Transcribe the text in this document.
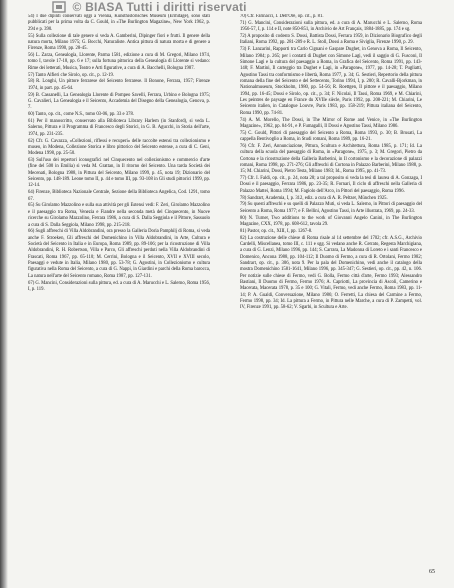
© BIASA Tutti i diritti riservati

54) I due dipinti conservati oggi a Vienna, Kunsthistorisches Museum (Ermitage), sono stati pubblicati per la prima volta da C. Gould, in «The Burlington Magazine», New York 1962, p. 294 e p. 390.

55) Sulla collezione di tale genere si veda A. Gamberini, Dipinger fiori e frutti. Il genere della natura morta, Milano 1975; G. Bocchi, Naturaliste. Antica pittura di natura morta e di genere a Firenze, Roma 1990, pp. 28-45.

56) L. Zarza, Genealogía, Llorente, Parma 1581, edizione a cura di M. Gregori, Milano 1974, tomo I, tavole 17-18, pp. 6 e 17; sulla fortuna pittorica della Genealogía di Llorente si vedano: Rime dei letterati, Musica, Teatro e Arti figurative, a cura di A. Bacchelli, Bologna 1987.

57) Tanto Alfieri che Sirolo, op. cit., p. 12-19.

58) R. Longhi, Un pittore ferrarese del Seicento ferrarese. Il Bonone, Ferrara, 1957; Firenze 1974, in part. pp. 45-64.

59) B. Cassanelli, La Genealogia Llorente di Pompeo Savelli, Ferrara, Urbino e Bologna 1975; G. Cavalieri, La Genealogia e il Seicento, Accademia del Disegno della Genealogia, Genova, p. 7.

60) Tanto, op. cit., come N.S., tomo 03-06, pp. 33 e 378.

61) Per il manoscritto, conservato alla Biblioteca Library Harlem (in Stanford), si veda L. Salerno, Pittura e il Programma di Francesco degli Storici, in G. B. Agucchi, in Storia dell'arte, 1974, pp. 231-235.

62) Cfr. G. Cavazza, «Collezioni, riflessi e recuperi» delle raccolte estensi tra collezionismo e museo, in Modena, Collezione Storica e libro pittorico del Seicento estense, a cura di C. Geni, Modena 1998, pp. 25-50.

63) Sull'uso dei repertori iconografici nel Cinquecento nel collezionismo e commercio d'arte (fine del 500 in Emilia) si veda M. Grattan, in Il ritorno del Seicento. Una tarda Società dei Mecenati, Bologna 1988, in Pittura del Seicento, Milano 1999, p. 45, nota 19; Dizionario del Seicento, pp. 148-189. Leone tomo II, p. 44 e tomo III, pp. 93-108 in Gli studi pittorici 1999, pp. 12-14.

64) Firenze, Biblioteca Nazionale Centrale, Sezione della Biblioteca Angelica, Cod. 1291, tomo 67.

65) Su Girolamo Mazzolino e sulla sua attività per gli Estensi vedi: F. Zeri, Girolamo Mazzolino e il paesaggio tra Roma, Venezia e Fiandre nella seconda metà del Cinquecento, in Nuove ricerche su Girolamo Mazzolino, Ferrara 1986, a cura di S. Dalla Seggiola e il Pittore, Sassuolo a cura di S. Dalla Seggiola, Milano 1998, pp. 215-218.

66) Sugli affreschi di Villa Aldobrandini, ora presso la Galleria Doria Pamphilj di Roma, si veda anche F. Stroeken, Gli affreschi del Domenichino in Villa Aldobrandini, in Arte, Cultura e Società del Seicento in Italia e in Europa, Roma 1989, pp. 89-106; per la ricostruzione di Villa Aldobrandini, R. H. Robertson, Villa e Parco, Gli affreschi perduti nella Villa Aldobrandini di Frascati, Roma 1967, pp. 65-110; M. Cerrini, Bologna e il Seicento, XVII e XVIII secolo, Paesaggi e vedute in Italia, Milano 1980, pp. 53-78; G. Agostini, in Collezionismo e cultura figurativa nella Roma del Seicento, a cura di G. Nappi, in Giardini e parchi della Roma barocca, La natura nell'arte del Seicento romano, Roma 1987, pp. 127-131.

67) G. Mancini, Considerazioni sulla pittura, ed. a cura di A. Marucchi e L. Salerno, Roma 1956, I, p. 119.

70) Cfr. Farinacci, I. Dell'Ore, op. cit., p. 81.

71) G. Mancini, Considerazioni sulla pittura, ed. a cura di A. Marucchi e L. Salerno, Roma 1956-57, I, p. 114 e II, note 850-851, in Archivio de Art Français, 1884-1885, pp. 174 e sg.

72) A proposito di codesto S. Dossi, Battista Dossi, Ferrara 1959, in Dizionario Biografico degli Italiani, Roma 1992, pp. 281-289 e R. L. Stoll, Dossi a Roma e Siviglia, Firenze 1990, p. 29.

73) F. Lanzarini, Rapporti tra Carlo Cignani e Gaspare Dughet, in Genova a Roma, Il Seicento, Milano 1984; p. 265; per i contatti di Dughet con Simone Lagi, vedi il saggio di G. Fusconi, Il Simone Lagi e la cultura del paesaggio a Roma, in Grafica del Seicento, Roma 1991, pp. 143-148; F. Martini, Il carteggio tra Dughet e Lagi, in «Paragone», 1977, pp. 14-28; T. Pugliatti, Agostino Tassi tra conformismo e libertà, Roma 1977, p. 34; G. Sestieri, Repertorio della pittura romana della fine del Seicento e del Settecento, Torino 1994, I, p. 200; R. Cavalli-Bjorkman, in Nationalmuseum, Stockholm, 1980, pp. 54-56; R. Roettgen, Il pittore e il paesaggio, Milano 1994, pp. 16-45; Dossi e Sirolo, op. cit., p. 34; F. Nicolai, Il Tassi, Roma 1969, e M. Chiarini, Les peintres de paysage en France du XVIIe siècle, Paris 1992, pp. 208-221; M. Chiarini, Le Seicento italien, in Catalogue Louvre, Paris 1983, pp. 158-219; Pittura italiana del Seicento, Roma 1990, pp. 74-81.

74) A. M. Morello, The Dossi, in The Mirror of Rome and Venice, in «The Burlington Magazine», 1962, pp. 84-91, e P. Fumagalli, Il Dossi e Agostino Tassi, Milano 1986.

75) C. Gould, Pittori di paesaggio del Seicento a Roma, Roma 1993, p. 30; B. Brusati, La cappella Bentivoglio a Roma, in Studi romani, Roma 1989, pp. 16-21.

76) Cfr. F. Zeri, Annunciazione, Pittura, Scultura e Architettura, Roma 1985, p. 171; Id. La cultura della scuola del paesaggio di Roma, in «Paragone», 1975, p. 3; M. Gregori, Pietro da Cortona e la ricostruzione della Galleria Barberini, in Il cortonismo e la decorazione di palazzi romani, Roma 1998, pp. 271-276; Gli affreschi di Cortona in Palazzo Barberini, Milano 1988, p. 15; M. Chiarini, Dossi, Pietro Testa, Milano 1983; Id., Roma 1995, pp. 41-73.

77) Cfr. I. Faldi, op. cit., p. 24, nota 28; a tal proposito si veda la tesi di laurea di A. Gonzaga, I Dossi e il paesaggio, Ferrara 1986, pp. 23-35; R. Fornari, Il ciclo di affreschi nella Galleria di Palazzo Mattei, Roma 1994; M. Fagiolo dell'Arco, in Pittori del paesaggio, Roma 1996.

78) Sandrart, Academia, I, p. 312, ediz. a cura di A. R. Peltzer, München 1925.

79) Su questi affreschi e su quelli di Palazzo Muti, si veda L. Salerno, in Pittori di paesaggio del Seicento a Roma, Roma 1977; e F. Bellini, Agostino Tassi, in Arte illustrata, 1969, pp. 24-33.

80) N. Turner, Two additions to the work of Giovanni Angelo Canini, in The Burlington Magazine, CXX, 1978, pp. 608-612, tavola 29.

81) Pastor, op. cit., XIII, I, pp. 1267-8.

82) La costruzione delle chiese di Roma risale al 14 settembre del 1702; cfr. A.S.G., Archivio Cardelli, Miscellanea, tomo III, c. 111 e sgg. Si vedano anche R. Cerrato, Regesta Marchigiana, a cura di G. Lenzi, Milano 1996, pp. 144; S. Carrara, La Madonna di Loreto e i santi Francesco e Domenico, Ancona 1988, pp. 104-112; Il Duomo di Fermo, a cura di R. Ortolani, Fermo 1982; Sandrart, op. cit., p. 306, nota 9. Per la pala del Domenichino, vedi anche il catalogo della mostra Domenichino 1581-1641, Milano 1996, pp. 345-347; G. Sestieri, op. cit., pp. 42, n. 106. Per notizie sulle chiese di Fermo, vedi G. Bolla, Fermo città d'arte, Fermo 1993; Alessandro Bastiani, Il Duomo di Fermo, Fermo 1976; A. Capriotti, La provincia di Ascoli, Camerino e Macerata, Macerata 1978, p. 35 e 100; G. Vitali, Fermo, vedi anche Fermo, Roma 1983, pp. 11-14; P. A. Gualdi, Conversazione, Milano 1986; O. Ferretti, La chiesa del Carmine a Fermo, Fermo 1998, pp. 34; Id. La pittura a Fermo, in Pittura nelle Marche, a cura di P. Zampetti, vol. IV, Firenze 1991, pp. 58-62; V. Sgarbi, in Scultura e Arte.

65
